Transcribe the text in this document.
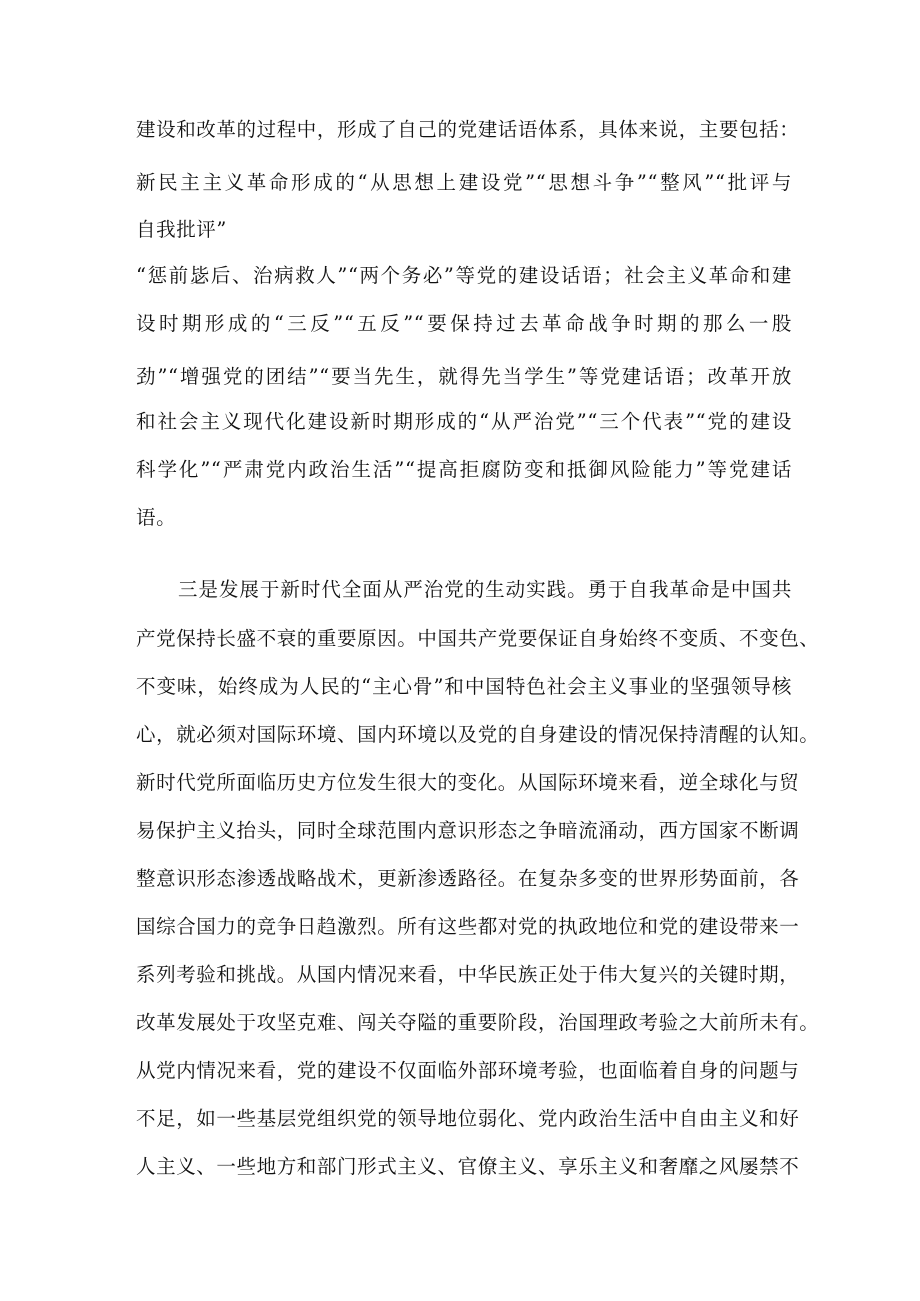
建设和改革的过程中，形成了自己的党建话语体系，具体来说，主要包括：
新民主主义革命形成的“从思想上建设党”“思想斗争”“整风”“批评与
自我批评”
“惩前毖后、治病救人”“两个务必”等党的建设话语；社会主义革命和建
设时期形成的“三反”“五反”“要保持过去革命战争时期的那么一股
劲”“增强党的团结”“要当先生，就得先当学生”等党建话语；改革开放
和社会主义现代化建设新时期形成的“从严治党”“三个代表”“党的建设
科学化”“严肃党内政治生活”“提高拒腐防变和抵御风险能力”等党建话
语。
三是发展于新时代全面从严治党的生动实践。勇于自我革命是中国共
产党保持长盛不衰的重要原因。中国共产党要保证自身始终不变质、不变色、
不变味，始终成为人民的“主心骨”和中国特色社会主义事业的坚强领导核
心，就必须对国际环境、国内环境以及党的自身建设的情况保持清醒的认知。
新时代党所面临历史方位发生很大的变化。从国际环境来看，逆全球化与贸
易保护主义抬头，同时全球范围内意识形态之争暗流涌动，西方国家不断调
整意识形态渗透战略战术，更新渗透路径。在复杂多变的世界形势面前，各
国综合国力的竞争日趋激烈。所有这些都对党的执政地位和党的建设带来一
系列考验和挑战。从国内情况来看，中华民族正处于伟大复兴的关键时期，
改革发展处于攻坚克难、闯关夺隘的重要阶段，治国理政考验之大前所未有。
从党内情况来看，党的建设不仅面临外部环境考验，也面临着自身的问题与
不足，如一些基层党组织党的领导地位弱化、党内政治生活中自由主义和好
人主义、一些地方和部门形式主义、官僚主义、享乐主义和奢靡之风屡禁不
